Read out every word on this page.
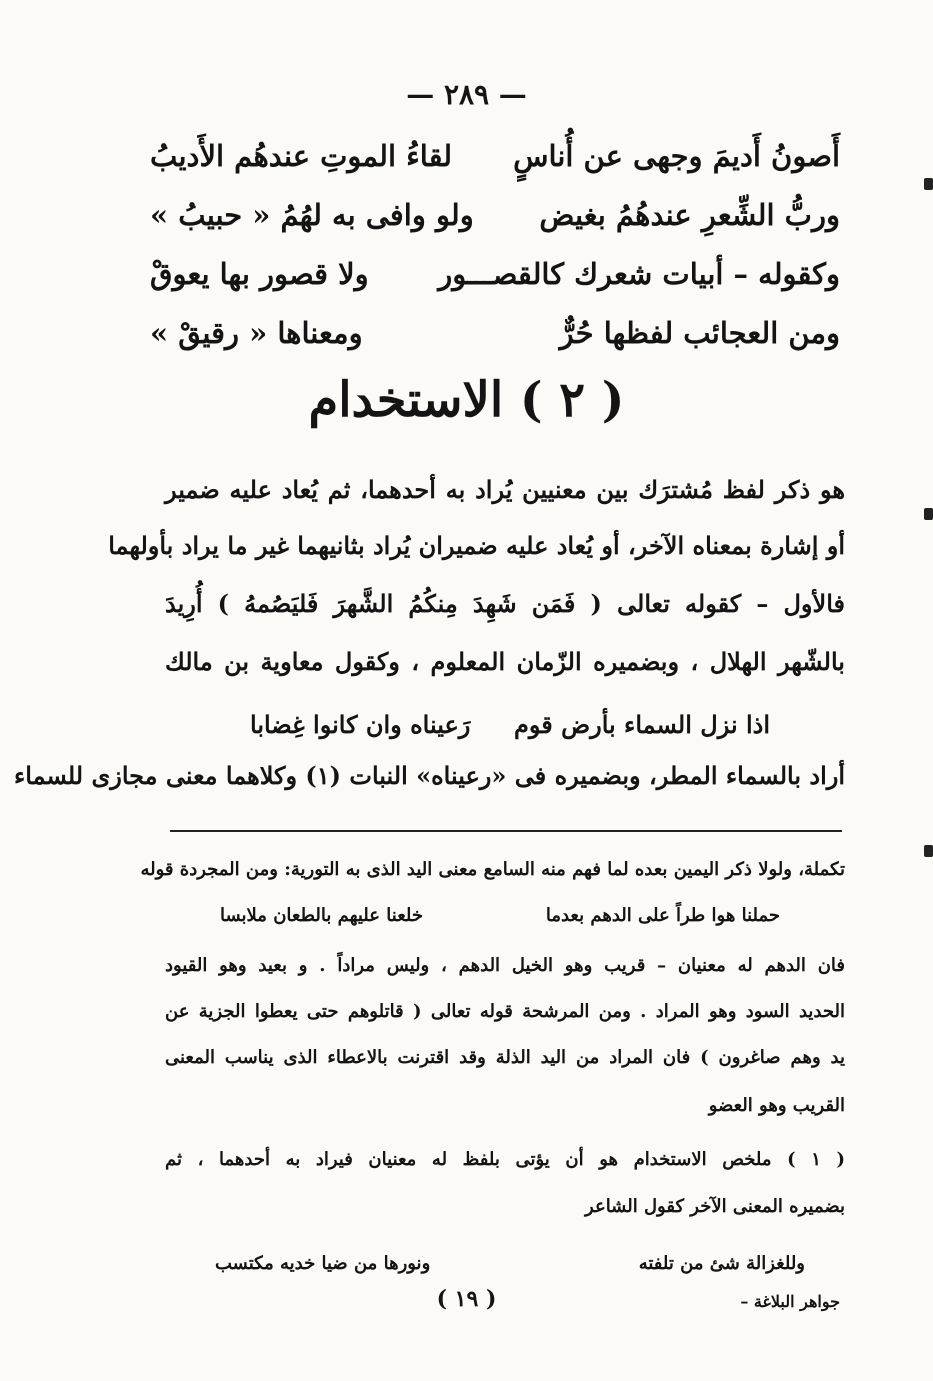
— ٢٨٩ —
أَصونُ أَديمَ وجهى عن أُناسٍ
لقاءُ الموتِ عندهُم الأَديبُ
وربُّ الشِّعرِ عندهُمُ بغيض
ولو وافى به لهُمُ « حبيبُ »
وكقوله – أبيات شعرك كالقصـــور
ولا قصور بها يعوقْ
ومن العجائب لفظها حُرٌّ
ومعناها « رقيقْ »
( ٢ ) الاستخدام
هو ذكر لفظ مُشترَك بين معنيين يُراد به أحدهما، ثم يُعاد عليه ضمير
أو إشارة بمعناه الآخر، أو يُعاد عليه ضميران يُراد بثانيهما غير ما يراد بأولهما
فالأول – كقوله تعالى ( فَمَن شَهِدَ مِنكُمُ الشَّهرَ فَليَصُمهُ ) أُرِيدَ
بالشّهر الهلال ، وبضميره الزّمان المعلوم ، وكقول معاوية بن مالك
اذا نزل السماء بأرض قوم
رَعيناه وان كانوا غِضابا
أراد بالسماء المطر، وبضميره فى «رعيناه» النبات (١) وكلاهما معنى مجازى للسماء
تكملة، ولولا ذكر اليمين بعده لما فهم منه السامع معنى اليد الذى به التورية: ومن المجردة قوله
حملنا هوا طراً على الدهم بعدما
خلعنا عليهم بالطعان ملابسا
فان الدهم له معنيان – قريب وهو الخيل الدهم ، وليس مراداً . و بعيد وهو القيود
الحديد السود وهو المراد . ومن المرشحة قوله تعالى ( قاتلوهم حتى يعطوا الجزية عن
يد وهم صاغرون ) فان المراد من اليد الذلة وقد اقترنت بالاعطاء الذى يناسب المعنى
القريب وهو العضو
( ١ ) ملخص الاستخدام هو أن يؤتى بلفظ له معنيان فيراد به أحدهما ، ثم
بضميره المعنى الآخر كقول الشاعر
وللغزالة شئ من تلفته
ونورها من ضيا خديه مكتسب
جواهر البلاغة –
( ١٩ )
